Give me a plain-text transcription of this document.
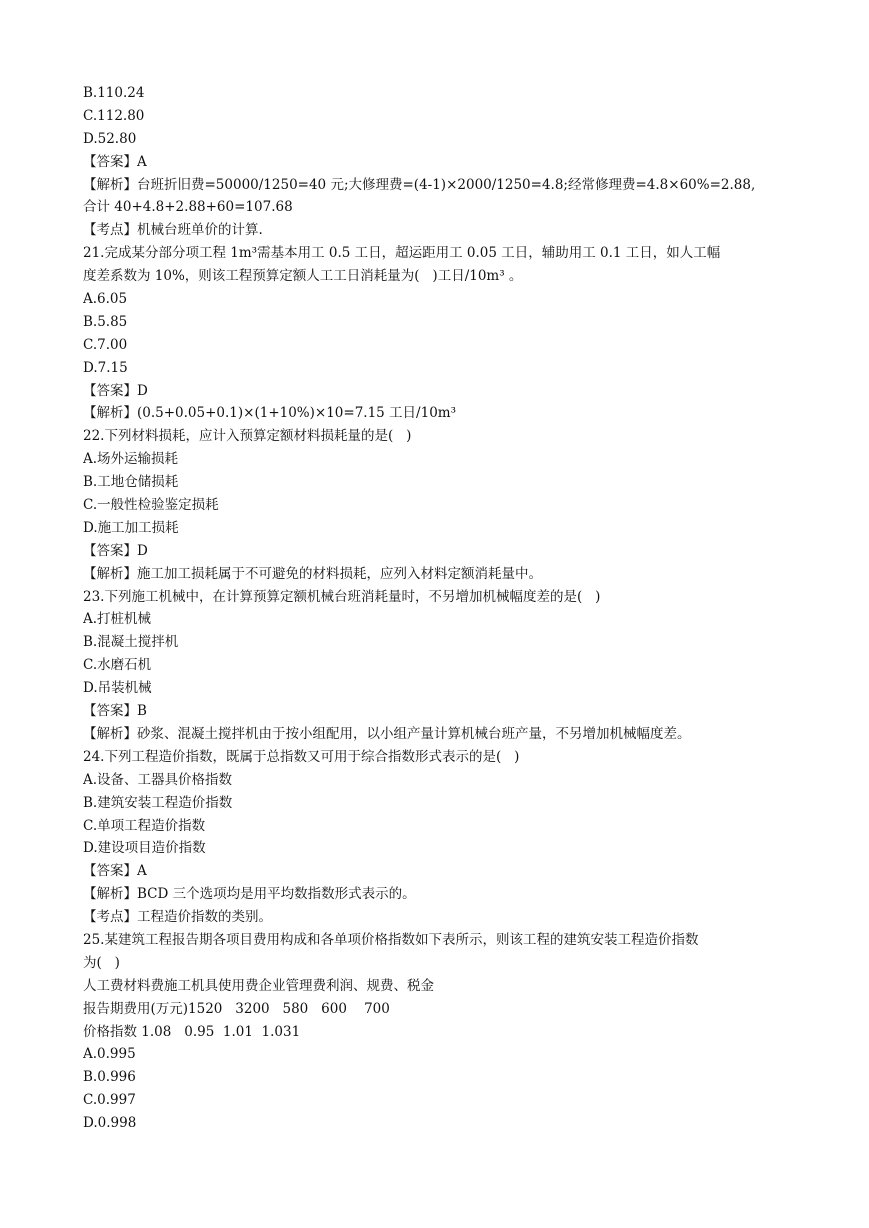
B.110.24
C.112.80
D.52.80
【答案】A
【解析】台班折旧费=50000/1250=40 元;大修理费=(4-1)×2000/1250=4.8;经常修理费=4.8×60%=2.88,
合计 40+4.8+2.88+60=107.68
【考点】机械台班单价的计算.
21.完成某分部分项工程 1m³需基本用工 0.5 工日，超运距用工 0.05 工日，辅助用工 0.1 工日，如人工幅
度差系数为 10%，则该工程预算定额人工工日消耗量为(   )工日/10m³ 。
A.6.05
B.5.85
C.7.00
D.7.15
【答案】D
【解析】(0.5+0.05+0.1)×(1+10%)×10=7.15 工日/10m³
22.下列材料损耗，应计入预算定额材料损耗量的是(   )
A.场外运输损耗
B.工地仓储损耗
C.一般性检验鉴定损耗
D.施工加工损耗
【答案】D
【解析】施工加工损耗属于不可避免的材料损耗，应列入材料定额消耗量中。
23.下列施工机械中，在计算预算定额机械台班消耗量时，不另增加机械幅度差的是(   )
A.打桩机械
B.混凝土搅拌机
C.水磨石机
D.吊装机械
【答案】B
【解析】砂浆、混凝土搅拌机由于按小组配用，以小组产量计算机械台班产量，不另增加机械幅度差。
24.下列工程造价指数，既属于总指数又可用于综合指数形式表示的是(   )
A.设备、工器具价格指数
B.建筑安装工程造价指数
C.单项工程造价指数
D.建设项目造价指数
【答案】A
【解析】BCD 三个选项均是用平均数指数形式表示的。
【考点】工程造价指数的类别。
25.某建筑工程报告期各项目费用构成和各单项价格指数如下表所示，则该工程的建筑安装工程造价指数
为(   )
人工费材料费施工机具使用费企业管理费利润、规费、税金
报告期费用(万元)1520   3200   580   600    700
价格指数 1.08   0.95  1.01  1.031
A.0.995
B.0.996
C.0.997
D.0.998
